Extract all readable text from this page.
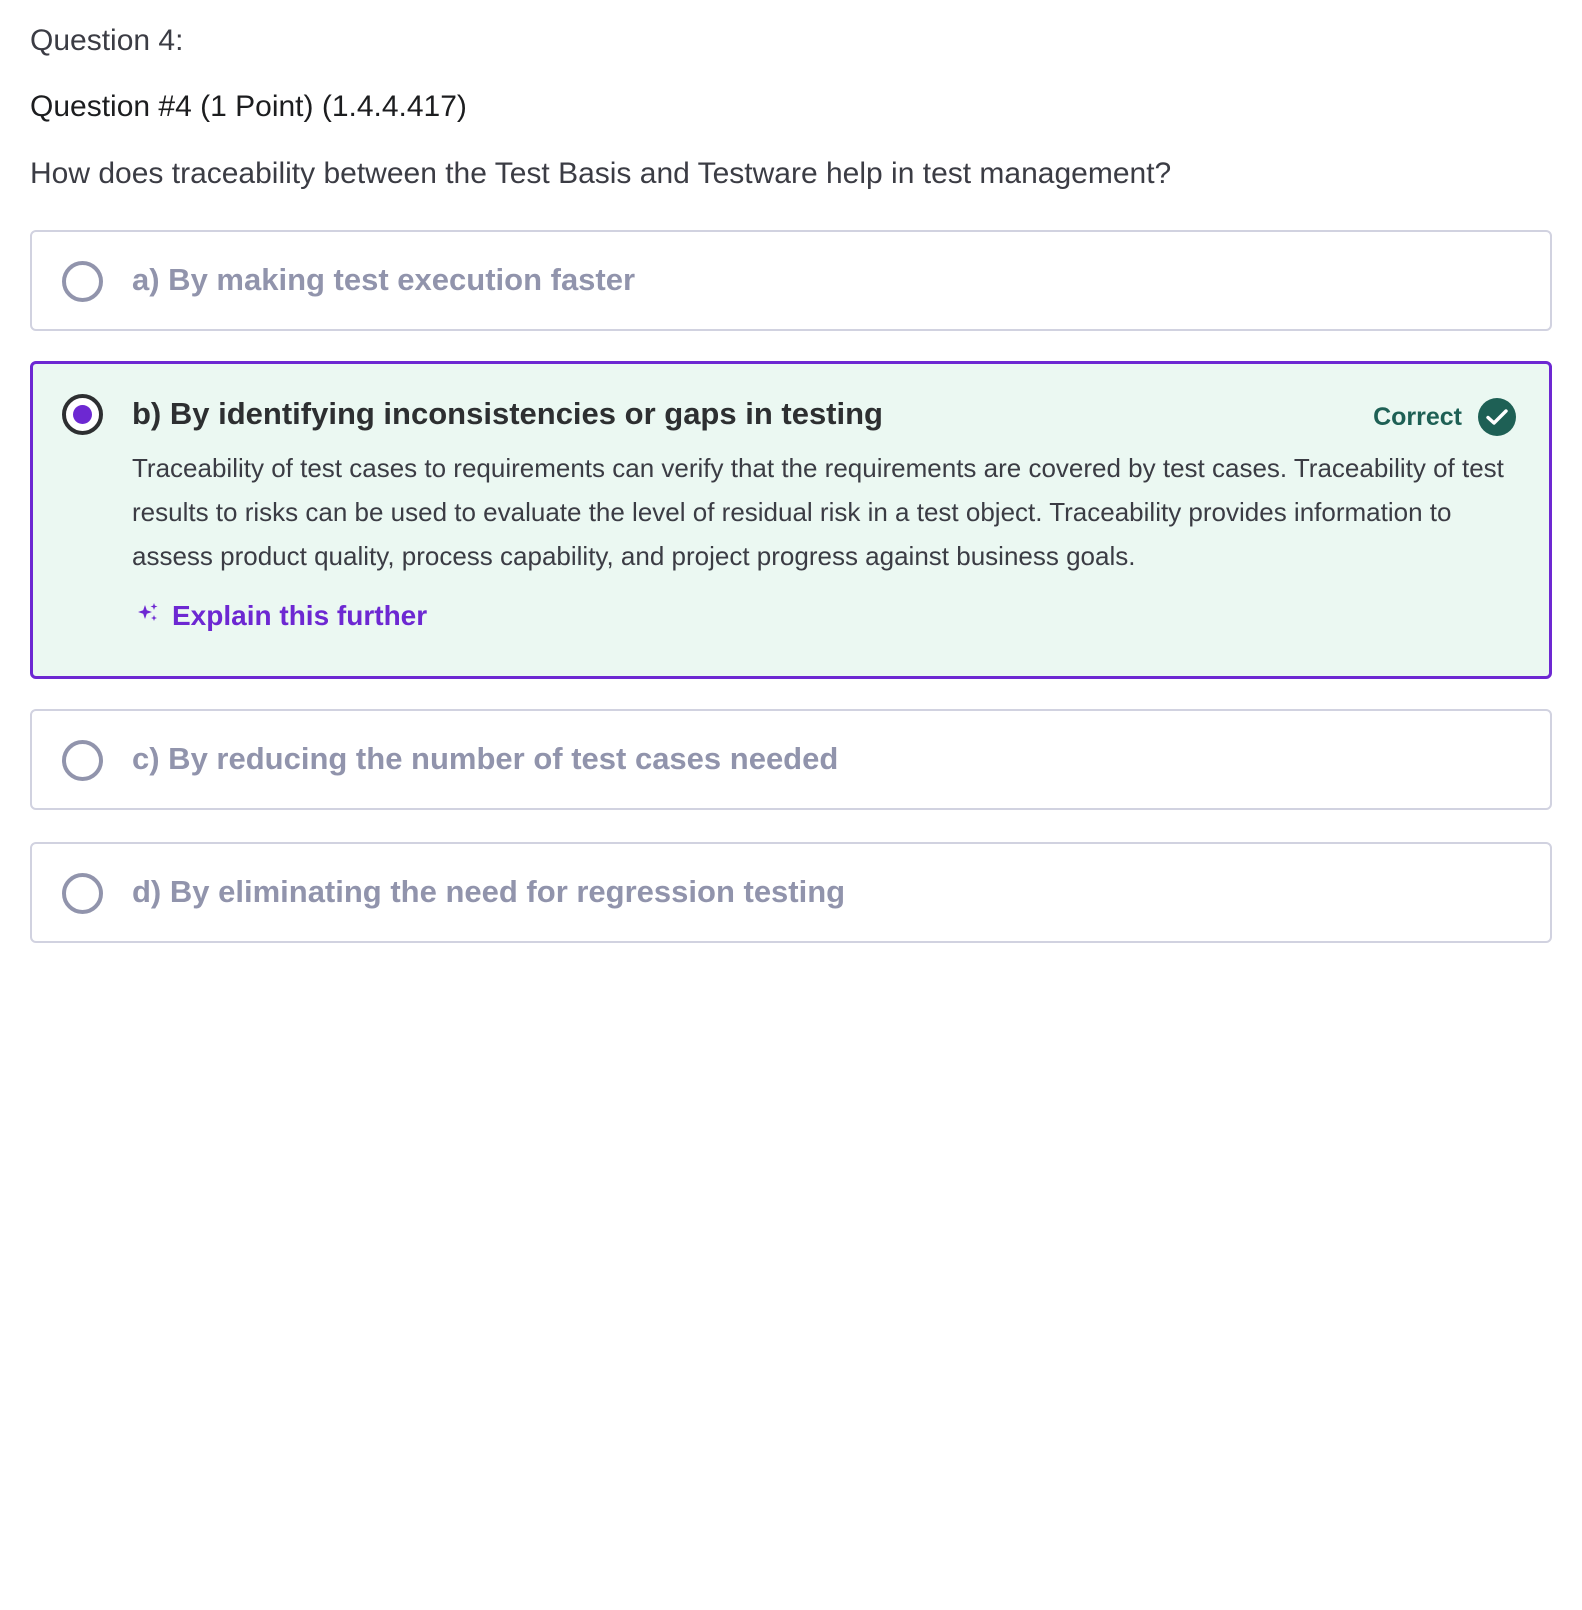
Question 4:
Question #4 (1 Point) (1.4.4.417)
How does traceability between the Test Basis and Testware help in test management?
a) By making test execution faster
b) By identifying inconsistencies or gaps in testing	Correct
Traceability of test cases to requirements can verify that the requirements are covered by test cases. Traceability of test results to risks can be used to evaluate the level of residual risk in a test object. Traceability provides information to assess product quality, process capability, and project progress against business goals.
Explain this further
c) By reducing the number of test cases needed
d) By eliminating the need for regression testing
